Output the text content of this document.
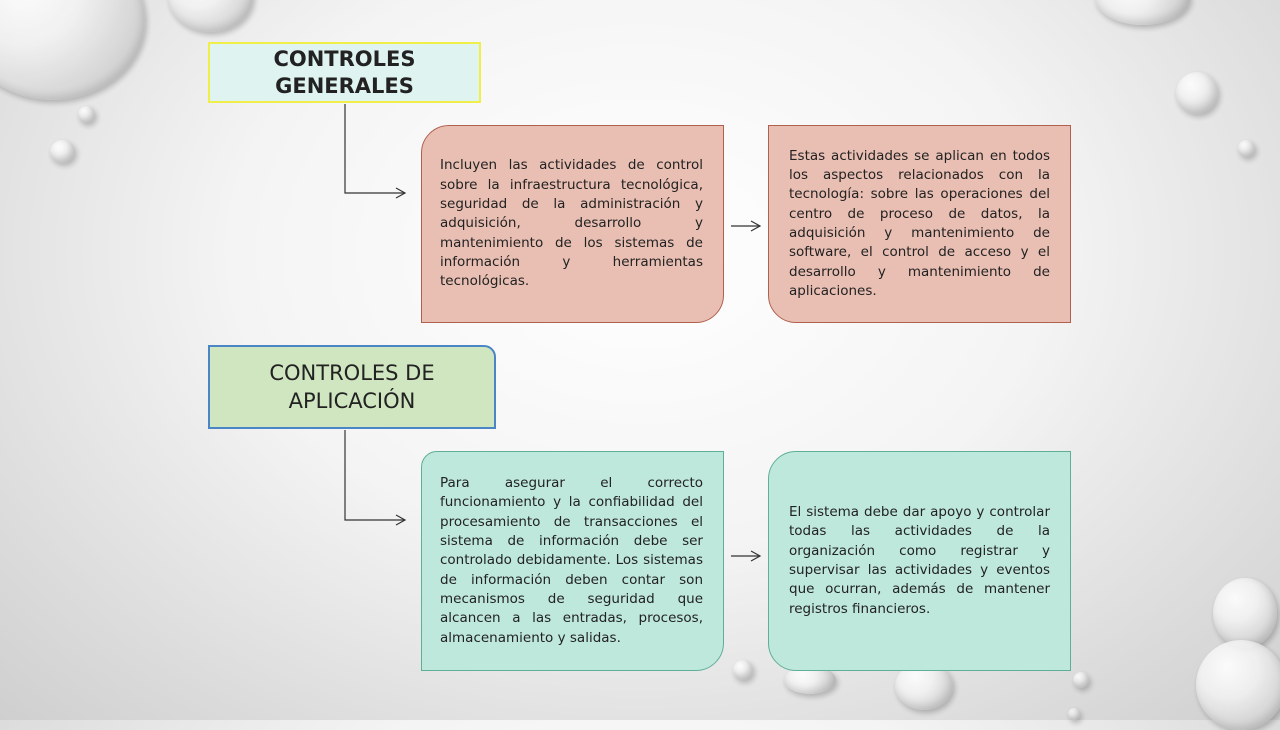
CONTROLES GENERALES
Incluyen las actividades de control sobre la infraestructura tecnológica, seguridad de la administración y adquisición, desarrollo y mantenimiento de los sistemas de información y herramientas tecnológicas.
Estas actividades se aplican en todos los aspectos relacionados con la tecnología: sobre las operaciones del centro de proceso de datos, la adquisición y mantenimiento de software, el control de acceso y el desarrollo y mantenimiento de aplicaciones.
CONTROLES DE APLICACIÓN
Para asegurar el correcto funcionamiento y la confiabilidad del procesamiento de transacciones el sistema de información debe ser controlado debidamente. Los sistemas de información deben contar son mecanismos de seguridad que alcancen a las entradas, procesos, almacenamiento y salidas.
El sistema debe dar apoyo y controlar todas las actividades de la organización como registrar y supervisar las actividades y eventos que ocurran, además de mantener registros financieros.
